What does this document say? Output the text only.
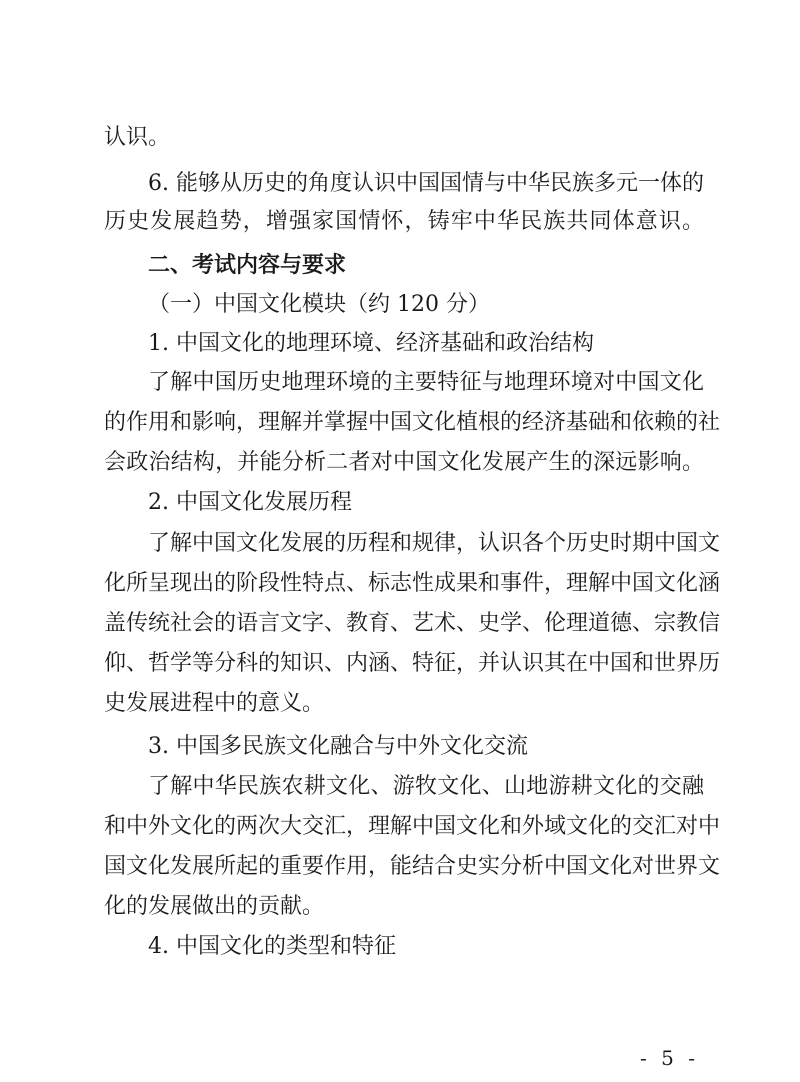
认识。
6. 能够从历史的角度认识中国国情与中华民族多元一体的
历史发展趋势，增强家国情怀，铸牢中华民族共同体意识。
二、考试内容与要求
（一）中国文化模块（约 120 分）
1. 中国文化的地理环境、经济基础和政治结构
了解中国历史地理环境的主要特征与地理环境对中国文化
的作用和影响，理解并掌握中国文化植根的经济基础和依赖的社
会政治结构，并能分析二者对中国文化发展产生的深远影响。
2. 中国文化发展历程
了解中国文化发展的历程和规律，认识各个历史时期中国文
化所呈现出的阶段性特点、标志性成果和事件，理解中国文化涵
盖传统社会的语言文字、教育、艺术、史学、伦理道德、宗教信
仰、哲学等分科的知识、内涵、特征，并认识其在中国和世界历
史发展进程中的意义。
3. 中国多民族文化融合与中外文化交流
了解中华民族农耕文化、游牧文化、山地游耕文化的交融
和中外文化的两次大交汇，理解中国文化和外域文化的交汇对中
国文化发展所起的重要作用，能结合史实分析中国文化对世界文
化的发展做出的贡献。
4. 中国文化的类型和特征
- 5 -
